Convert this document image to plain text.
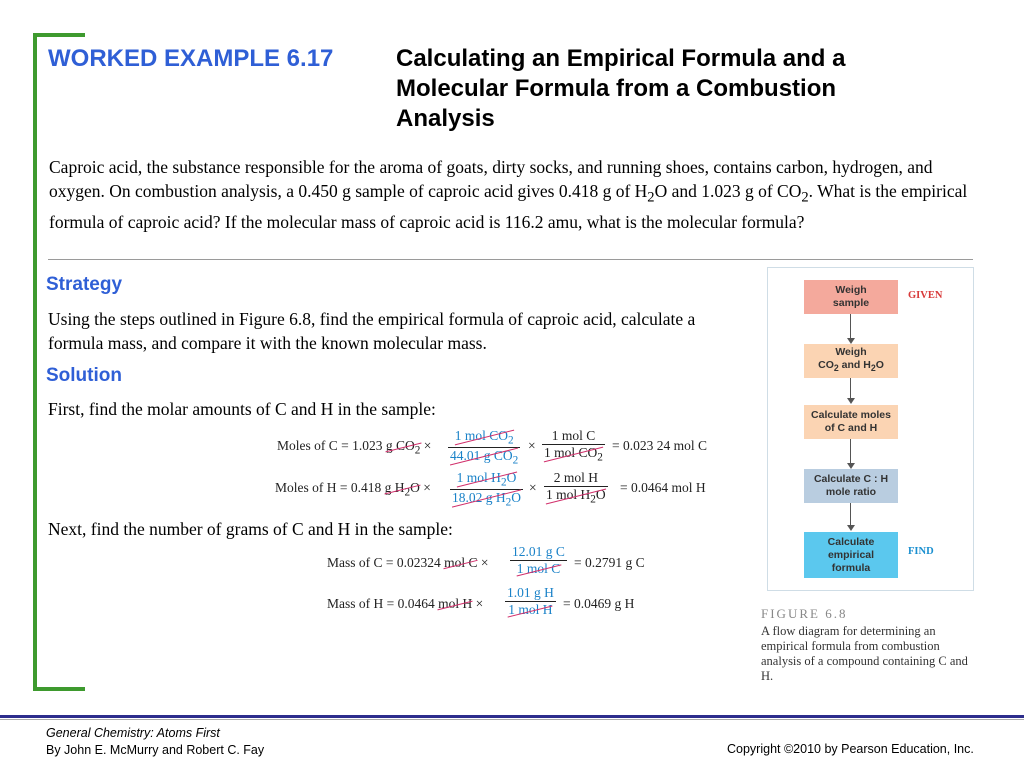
WORKED EXAMPLE 6.17	Calculating an Empirical Formula and a
Molecular Formula from a Combustion
Analysis
Caproic acid, the substance responsible for the aroma of goats, dirty socks, and running shoes, contains carbon, hydrogen, and oxygen. On combustion analysis, a 0.450 g sample of caproic acid gives 0.418 g of $H_2O$ and 1.023 g of $CO_2$. What is the empirical formula of caproic acid? If the molecular mass of caproic acid is 116.2 amu, what is the molecular formula?
Strategy
Using the steps outlined in Figure 6.8, find the empirical formula of caproic acid, calculate a formula mass, and compare it with the known molecular mass.
Solution
First, find the molar amounts of C and H in the sample:
Moles of C = 1.023 g $CO_2$ ×
1 mol $CO_2$
44.01 g $CO_2$
×
1 mol C
1 mol $CO_2$
= 0.023 24 mol C
Moles of H = 0.418 g $H_2O$ ×
1 mol $H_2O$
18.02 g $H_2O$
×
2 mol H
1 mol $H_2O = 0.0464$ mol H
Next, find the number of grams of C and H in the sample:
Mass of C = 0.02324 mol C ×
12.01 g C
1 mol C	= 0.2791 g C
Mass of H = 0.0464 mol H ×
1.01 g H
1 mol H = 0.0469 g H
Weigh
sample
GIVEN
Weigh
$CO_2$ and $H_2O$
Calculate moles
of C and H
Calculate C : H
mole ratio
Calculate
empirical
formula
FIND
FIGURE 6.8
A flow diagram for determining an empirical formula from combustion analysis of a compound containing C and H.
General Chemistry: Atoms First
By John E. McMurry and Robert C. Fay	Copyright ©2010 by Pearson Education, Inc.
